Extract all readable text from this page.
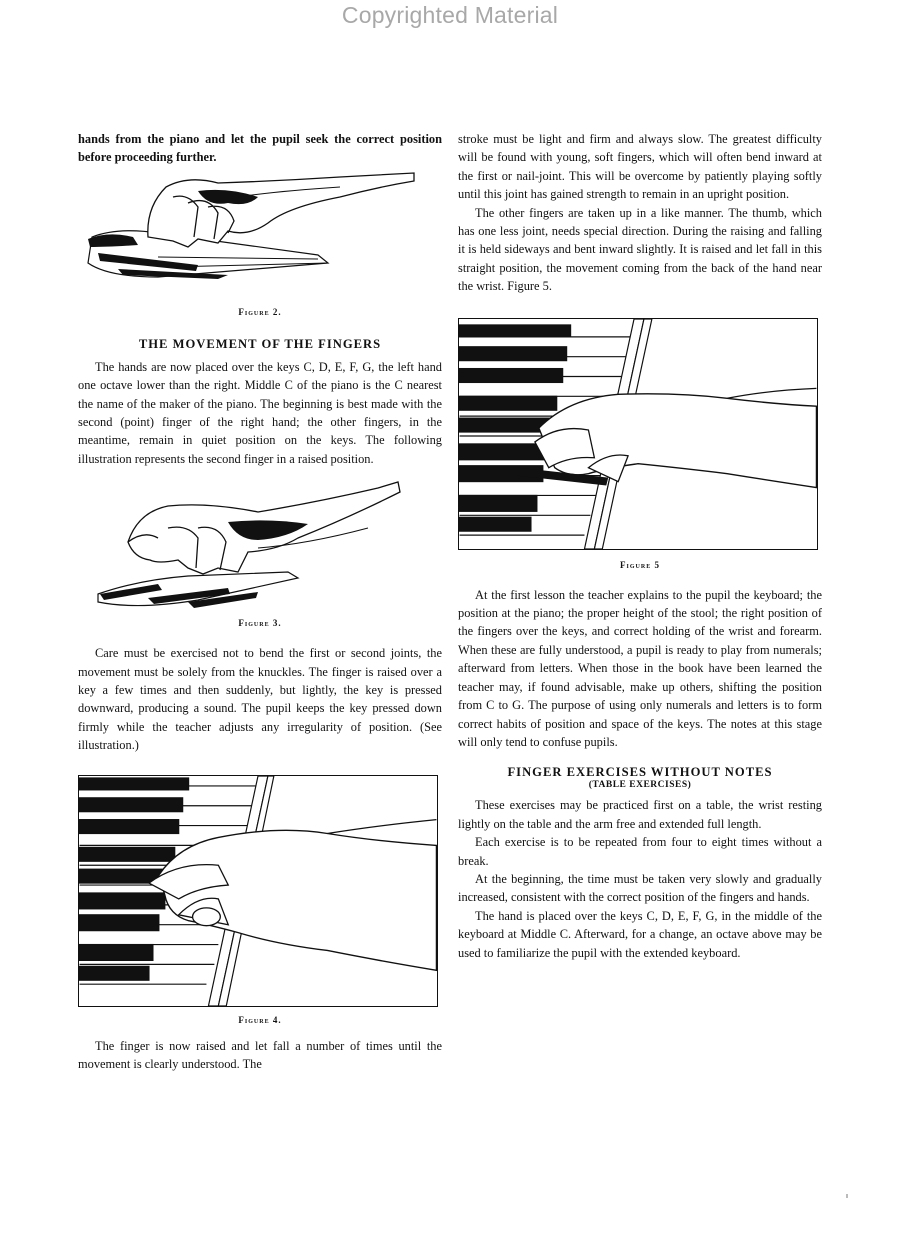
Copyrighted Material

hands from the piano and let the pupil seek the correct position before proceeding further.

Figure 2.
THE MOVEMENT OF THE FINGERS

The hands are now placed over the keys C, D, E, F, G, the left hand one octave lower than the right. Middle C of the piano is the C nearest the name of the maker of the piano. The beginning is best made with the second (point) finger of the right hand; the other fingers, in the meantime, remain in quiet position on the keys. The following illustration represents the second finger in a raised position.

Figure 3.

Care must be exercised not to bend the first or second joints, the movement must be solely from the knuckles. The finger is raised over a key a few times and then suddenly, but lightly, the key is pressed downward, producing a sound. The pupil keeps the key pressed down firmly while the teacher adjusts any irregularity of position. (See illustration.)

Figure 4.

The finger is now raised and let fall a number of times until the movement is clearly understood. The

stroke must be light and firm and always slow. The greatest difficulty will be found with young, soft fingers, which will often bend inward at the first or nail-joint. This will be overcome by patiently playing softly until this joint has gained strength to remain in an upright position.

The other fingers are taken up in a like manner. The thumb, which has one less joint, needs special direction. During the raising and falling it is held sideways and bent inward slightly. It is raised and let fall in this straight position, the movement coming from the back of the hand near the wrist. Figure 5.

Figure 5

At the first lesson the teacher explains to the pupil the keyboard; the position at the piano; the proper height of the stool; the right position of the fingers over the keys, and correct holding of the wrist and forearm. When these are fully understood, a pupil is ready to play from numerals; afterward from letters. When those in the book have been learned the teacher may, if found advisable, make up others, shifting the position from C to G. The purpose of using only numerals and letters is to form correct habits of position and space of the keys. The notes at this stage will only tend to confuse pupils.

FINGER EXERCISES WITHOUT NOTES
(TABLE EXERCISES)

These exercises may be practiced first on a table, the wrist resting lightly on the table and the arm free and extended full length.

Each exercise is to be repeated from four to eight times without a break.

At the beginning, the time must be taken very slowly and gradually increased, consistent with the correct position of the fingers and hands.

The hand is placed over the keys C, D, E, F, G, in the middle of the keyboard at Middle C. Afterward, for a change, an octave above may be used to familiarize the pupil with the extended keyboard.
